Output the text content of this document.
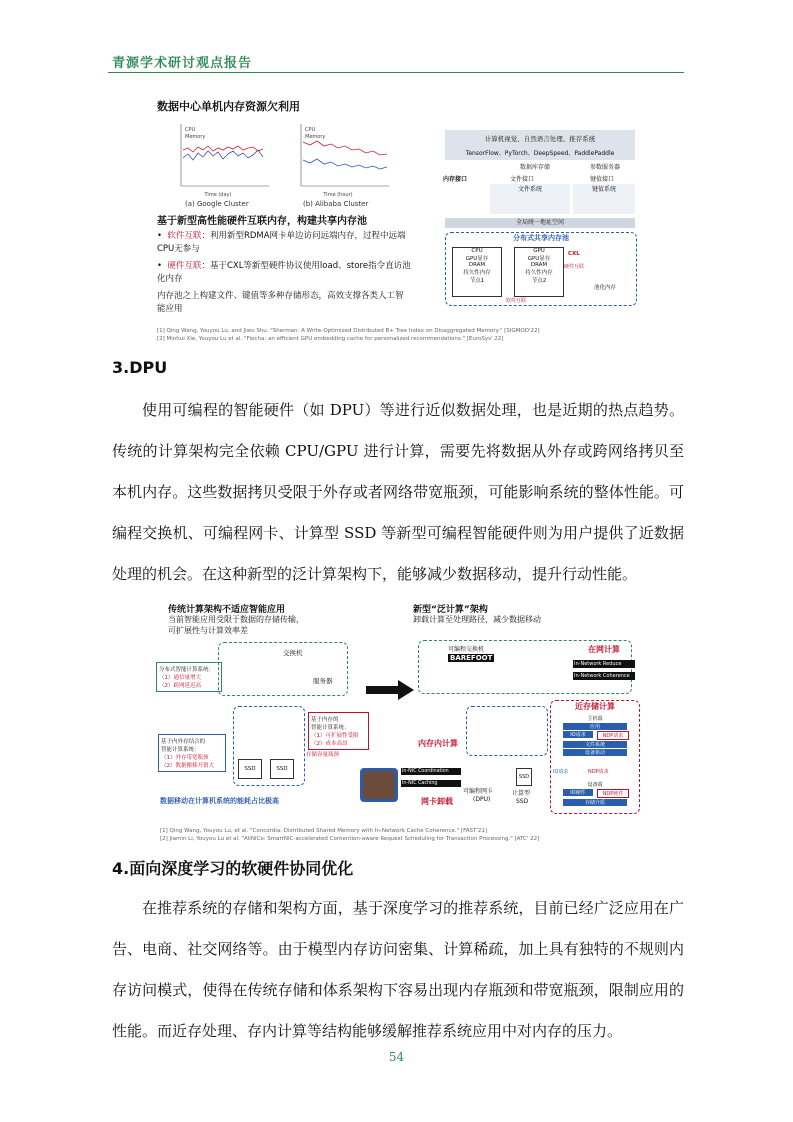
青源学术研讨观点报告
数据中心单机内存资源欠利用
CPU
Memory
Time (day)
(a) Google Cluster
CPU
Memory
Time (hour)
(b) Alibaba Cluster
基于新型高性能硬件互联内存，构建共享内存池
•  软件互联：利用新型RDMA网卡单边访问远端内存，过程中远端CPU无参与
•  硬件互联：基于CXL等新型硬件协议使用load、store指令直访池化内存
内存池之上构建文件、键值等多种存储形态，高效支撑各类人工智能应用
[1] Qing Wang, Youyou Lu, and Jiwu Shu. "Sherman: A Write-Optimized Distributed B+ Tree Index on Disaggregated Memory." [SIGMOD'22]
[2] Minhui Xie, Youyou Lu et al. "Flecha: an efficient GPU embedding cache for personalized recommendations." [EuroSys' 22]
计算机视觉、自然语言处理、推荐系统
TensorFlow、PyTorch、DeepSpeed、PaddlePaddle
数据库存储	参数服务器
内存接口	文件接口	键值接口
文件系统	键值系统
全局统一地址空间
分布式共享内存池
CPU
GPU显存
DRAM
持久性内存
节点1
GPU
GPU显存
DRAM
持久性内存
节点2
CXL
硬件互联
软件互联
池化内存
3.DPU

使用可编程的智能硬件（如 DPU）等进行近似数据处理，也是近期的热点趋势。传统的计算架构完全依赖 CPU/GPU 进行计算，需要先将数据从外存或跨网络拷贝至本机内存。这些数据拷贝受限于外存或者网络带宽瓶颈，可能影响系统的整体性能。可编程交换机、可编程网卡、计算型 SSD 等新型可编程智能硬件则为用户提供了近数据处理的机会。在这种新型的泛计算架构下，能够减少数据移动，提升行动性能。

传统计算架构不适应智能应用
当前智能应用受限于数据的存储传输，
可扩展性与计算效率差
新型“泛计算”架构
卸载计算至处理路径，减少数据移动
交换机
服务器
分布式智能计算系统：
（1）通信量增大
（2）跨网延迟高
基于内存的
智能计算系统：
（1）可扩展性受限
（2）成本高昂
基于内外存结合的
智能计算系统：
（1）外存带宽瓶颈
（2）数据搬移开销大	SSD	SSD
存储容量瓶颈
数据移动在计算机系统的能耗占比极高
可编程交换机
BAREFOOT
在网计算
In-Network Reduce
In-Network Coherence
内存内计算
近存储计算
主机端
应用
IO请求	NDP请求
文件系统
设备驱动
设备端
IO硬件	NDP硬件
存储介质
IO请求	NDP请求
In-NIC Coordination
In-NIC Caching
网卡卸载
可编程网卡
(DPU)
SSD
计算型
SSD
[1] Qing Wang, Youyou Lu, et al. "Concordia: Distributed Shared Memory with In-Network Cache Coherence." [FAST'21]
[2] Jiamin Li, Youyou Lu et al. "AliNiCo: SmartNIC-accelerated Contention-aware Request Scheduling for Transaction Processing." [ATC' 22]
4.面向深度学习的软硬件协同优化

在推荐系统的存储和架构方面，基于深度学习的推荐系统，目前已经广泛应用在广告、电商、社交网络等。由于模型内存访问密集、计算稀疏，加上具有独特的不规则内存访问模式，使得在传统存储和体系架构下容易出现内存瓶颈和带宽瓶颈，限制应用的性能。而近存处理、存内计算等结构能够缓解推荐系统应用中对内存的压力。

54
